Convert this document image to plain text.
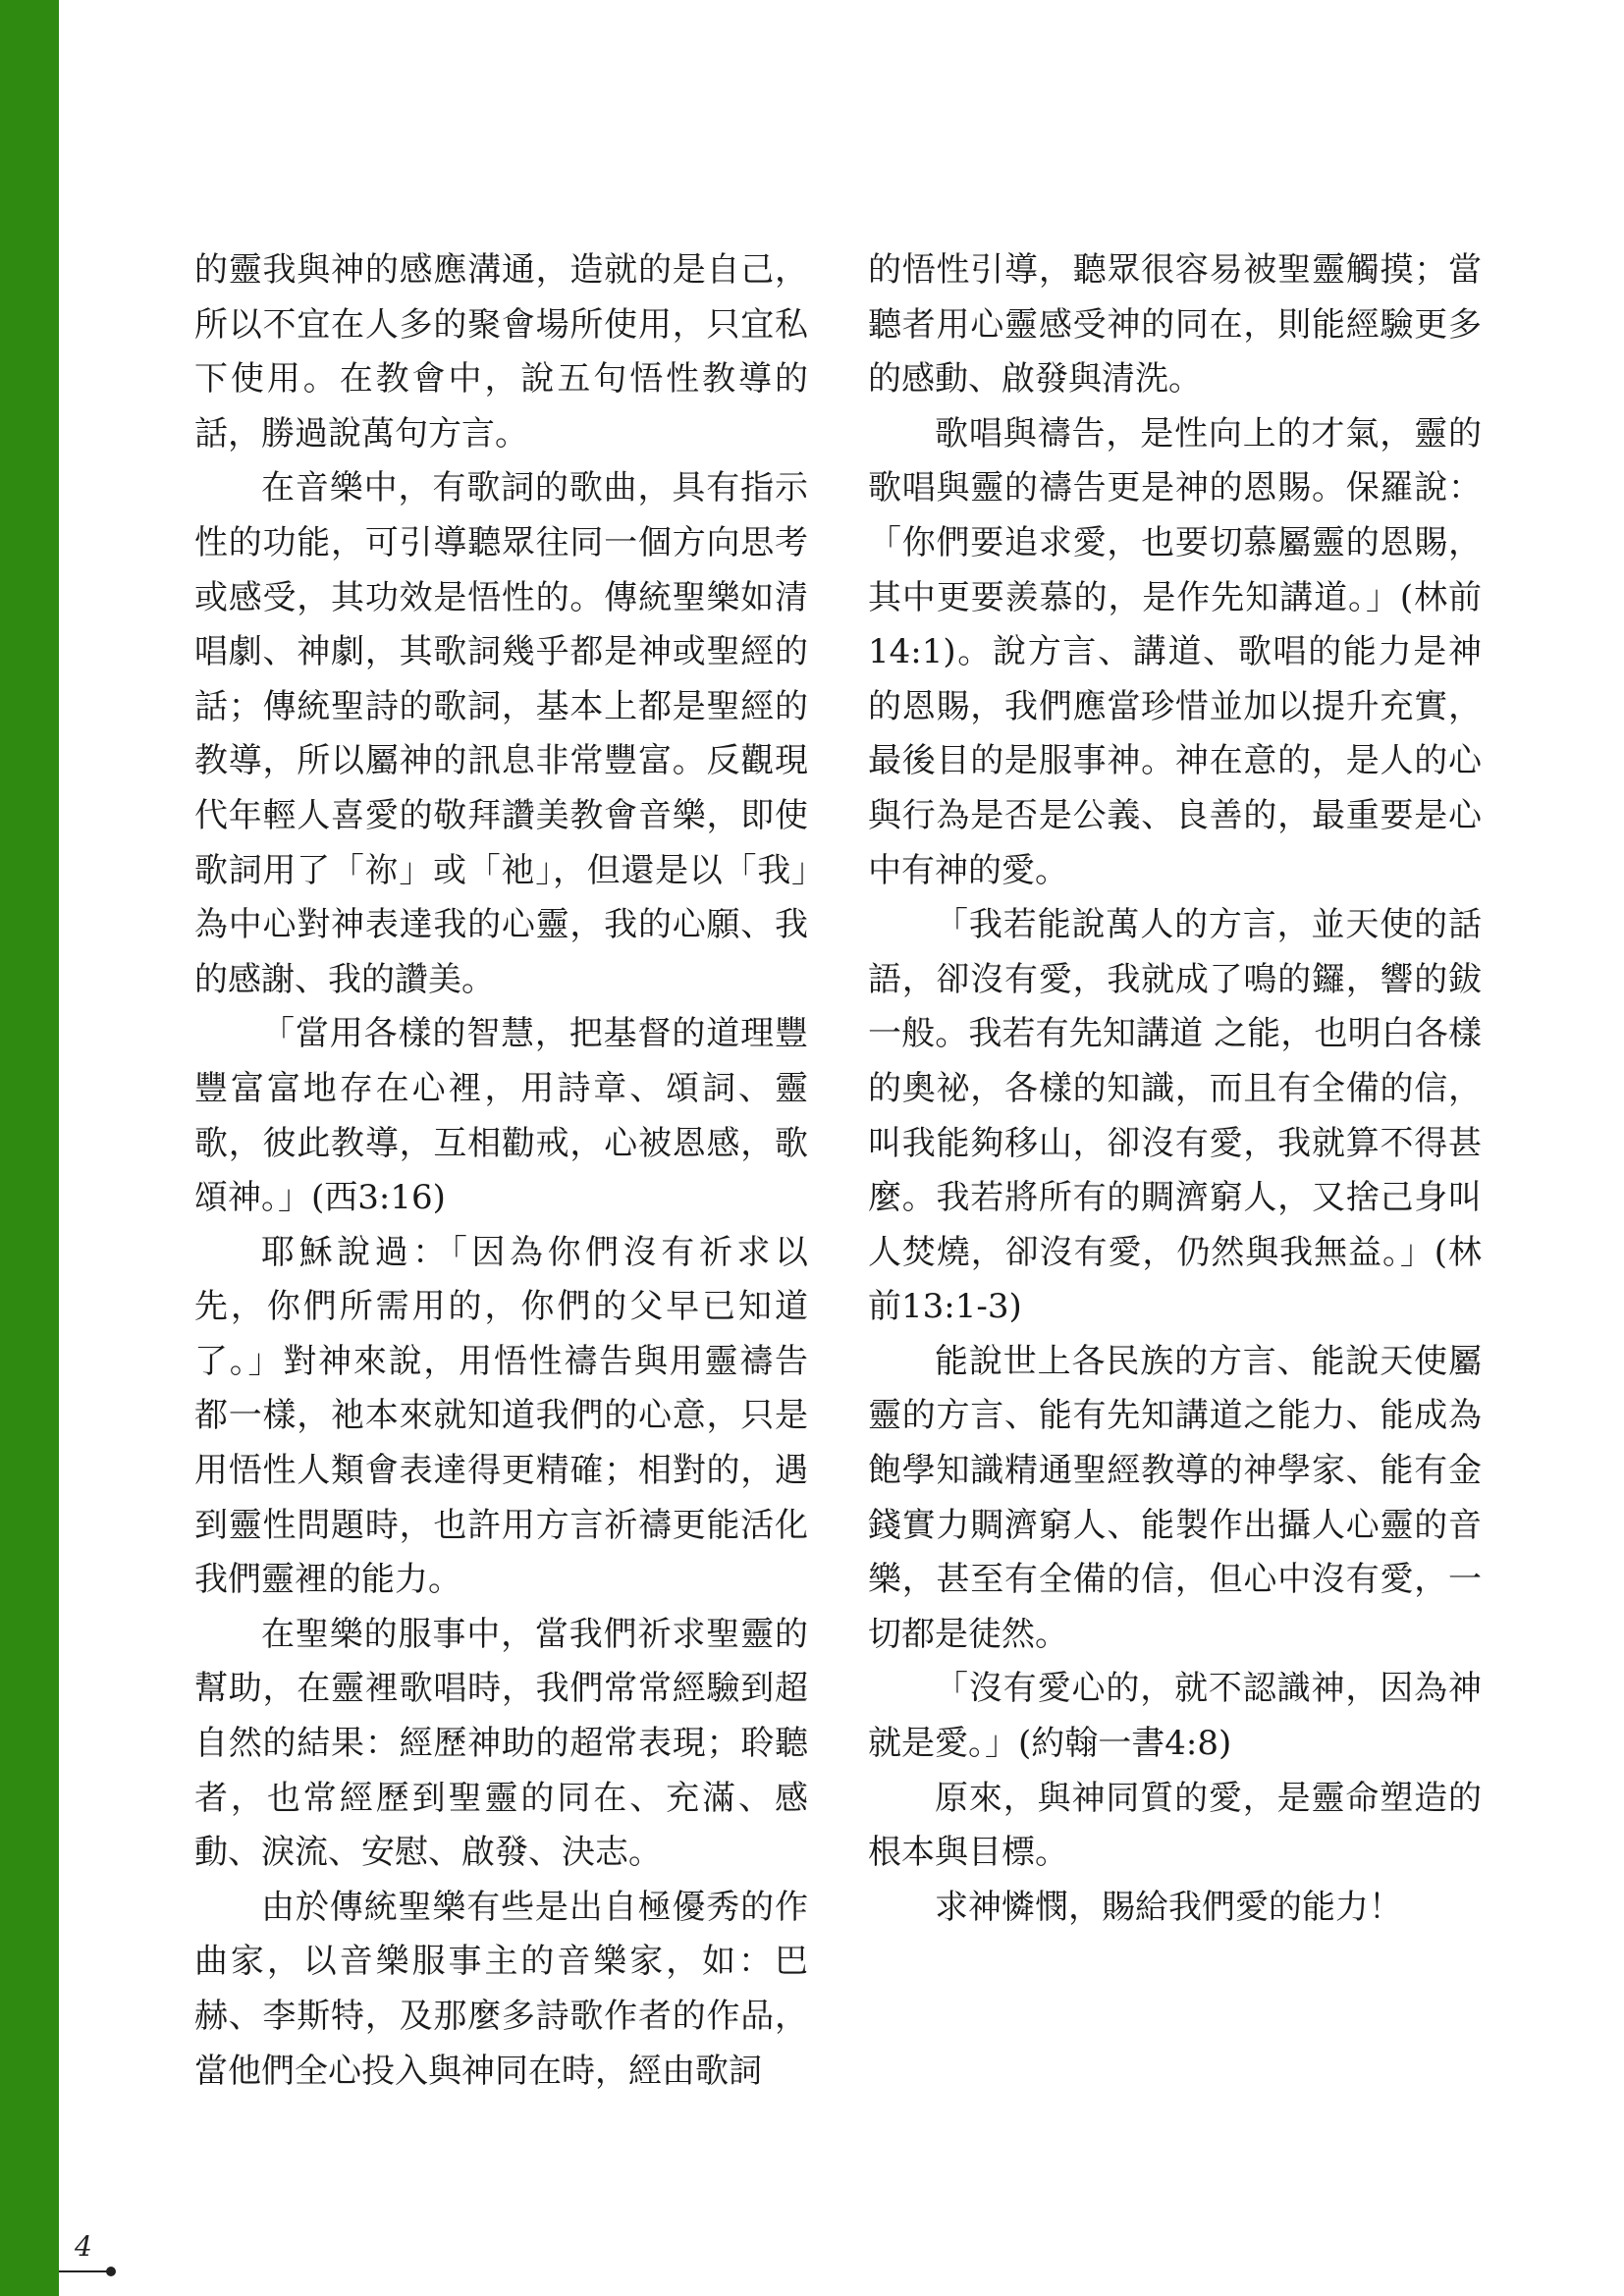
的靈我與神的感應溝通，造就的是自己，所以不宜在人多的聚會場所使用，只宜私下使用。在教會中，說五句悟性教導的話，勝過說萬句方言。

在音樂中，有歌詞的歌曲，具有指示性的功能，可引導聽眾往同一個方向思考或感受，其功效是悟性的。傳統聖樂如清唱劇、神劇，其歌詞幾乎都是神或聖經的話；傳統聖詩的歌詞，基本上都是聖經的教導，所以屬神的訊息非常豐富。反觀現代年輕人喜愛的敬拜讚美教會音樂，即使歌詞用了「祢」或「祂」，但還是以「我」為中心對神表達我的心靈，我的心願、我的感謝、我的讚美。

「當用各樣的智慧，把基督的道理豐豐富富地存在心裡，用詩章、頌詞、靈歌，彼此教導，互相勸戒，心被恩感，歌頌神。」(西3:16)

耶穌說過：「因為你們沒有祈求以先，你們所需用的，你們的父早已知道了。」對神來說，用悟性禱告與用靈禱告都一樣，祂本來就知道我們的心意，只是用悟性人類會表達得更精確；相對的，遇到靈性問題時，也許用方言祈禱更能活化我們靈裡的能力。

在聖樂的服事中，當我們祈求聖靈的幫助，在靈裡歌唱時，我們常常經驗到超自然的結果：經歷神助的超常表現；聆聽者，也常經歷到聖靈的同在、充滿、感動、淚流、安慰、啟發、決志。

由於傳統聖樂有些是出自極優秀的作曲家，以音樂服事主的音樂家，如：巴赫、李斯特，及那麼多詩歌作者的作品，當他們全心投入與神同在時，經由歌詞

的悟性引導，聽眾很容易被聖靈觸摸；當聽者用心靈感受神的同在，則能經驗更多的感動、啟發與清洗。

歌唱與禱告，是性向上的才氣，靈的歌唱與靈的禱告更是神的恩賜。保羅說：「你們要追求愛，也要切慕屬靈的恩賜，其中更要羨慕的，是作先知講道。」(林前14:1)。說方言、講道、歌唱的能力是神的恩賜，我們應當珍惜並加以提升充實，最後目的是服事神。神在意的，是人的心與行為是否是公義、良善的，最重要是心中有神的愛。

「我若能說萬人的方言，並天使的話語，卻沒有愛，我就成了鳴的鑼，響的鈸一般。我若有先知講道 之能，也明白各樣的奧祕，各樣的知識，而且有全備的信，叫我能夠移山，卻沒有愛，我就算不得甚麼。我若將所有的賙濟窮人，又捨己身叫人焚燒，卻沒有愛，仍然與我無益。」(林前13:1-3)

能說世上各民族的方言、能說天使屬靈的方言、能有先知講道之能力、能成為飽學知識精通聖經教導的神學家、能有金錢實力賙濟窮人、能製作出攝人心靈的音樂，甚至有全備的信，但心中沒有愛，一切都是徒然。

「沒有愛心的，就不認識神，因為神就是愛。」(約翰一書4:8)

原來，與神同質的愛，是靈命塑造的根本與目標。

求神憐憫，賜給我們愛的能力！

4
